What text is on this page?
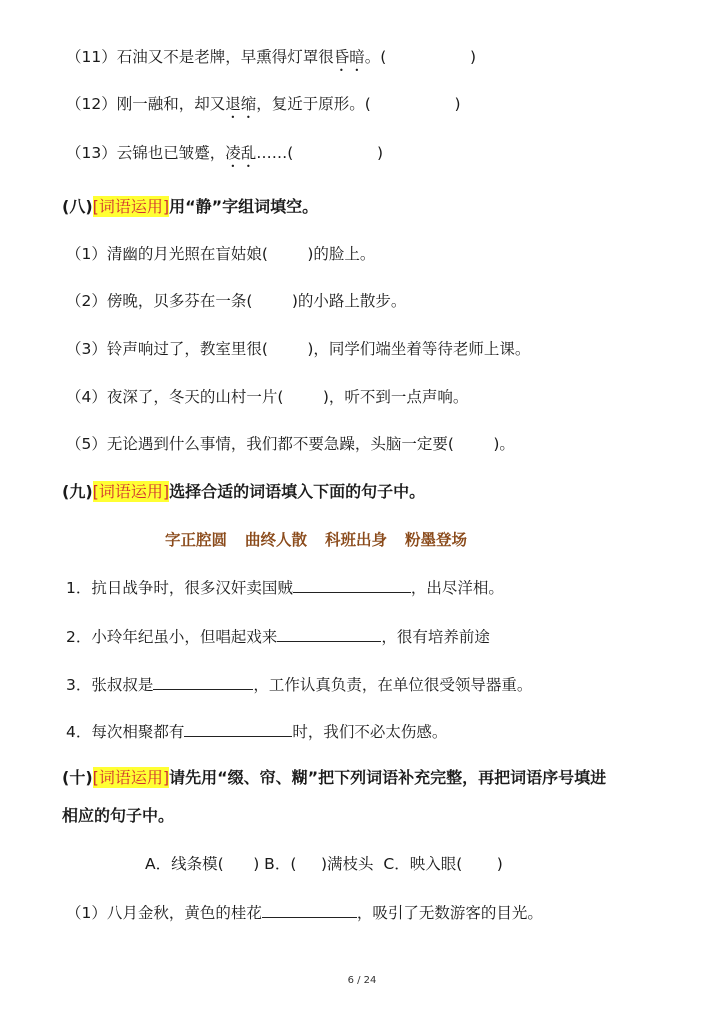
（11）石油又不是老牌，早熏得灯罩很昏暗。(                 )
（12）刚一融和，却又退缩，复近于原形。(                 )
（13）云锦也已皱蹙，凌乱……(                 )
(八)[词语运用]用“静”字组词填空。
（1）清幽的月光照在盲姑娘(        )的脸上。
（2）傍晚，贝多芬在一条(        )的小路上散步。
（3）铃声响过了，教室里很(        )，同学们端坐着等待老师上课。
（4）夜深了，冬天的山村一片(        )，听不到一点声响。
（5）无论遇到什么事情，我们都不要急躁，头脑一定要(        )。
(九)[词语运用]选择合适的词语填入下面的句子中。
字正腔圆 曲终人散 科班出身 粉墨登场
1．抗日战争时，很多汉奸卖国贼	，出尽洋相。
2．小玲年纪虽小，但唱起戏来	，很有培养前途
3．张叔叔是	，工作认真负责，在单位很受领导器重。
4．每次相聚都有	时，我们不必太伤感。
(十)[词语运用]请先用“缀、帘、糊”把下列词语补充完整，再把词语序号填进
相应的句子中。
A．线条模(      ) B．(     )满枝头  C．映入眼(       )
（1）八月金秋，黄色的桂花	，吸引了无数游客的目光。
6 / 24
